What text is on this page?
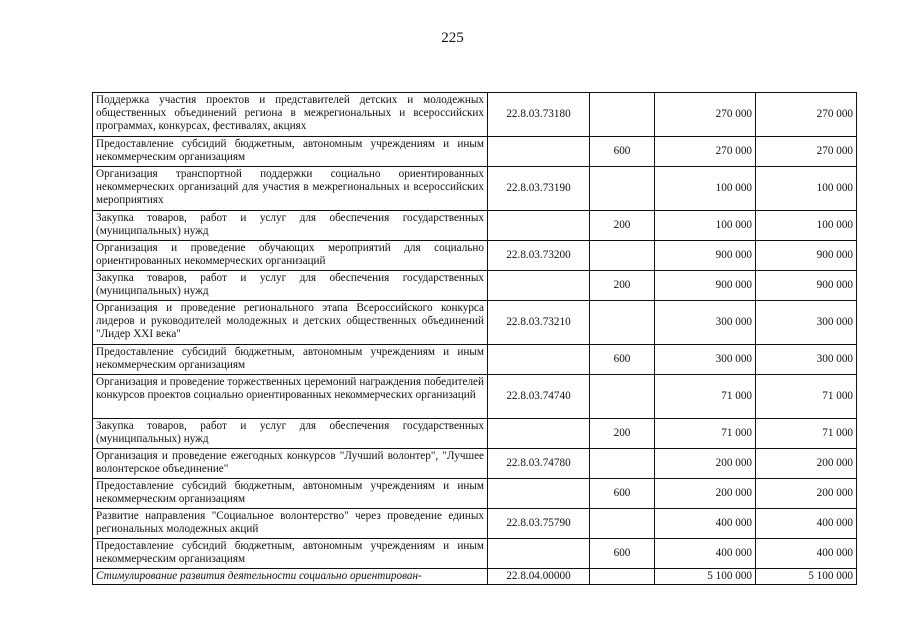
225
Поддержка участия проектов и представителей детских и молодежных общественных объединений региона в межрегиональных и всероссийских программах, конкурсах, фестивалях, акциях	22.8.03.73180		270 000	270 000
Предоставление субсидий бюджетным, автономным учреждениям и иным некоммерческим организациям		600	270 000	270 000
Организация транспортной поддержки социально ориентированных некоммерческих организаций для участия в межрегиональных и всероссийских мероприятиях	22.8.03.73190		100 000	100 000
Закупка товаров, работ и услуг для обеспечения государственных (муниципальных) нужд		200	100 000	100 000
Организация и проведение обучающих мероприятий для социально ориентированных некоммерческих организаций	22.8.03.73200		900 000	900 000
Закупка товаров, работ и услуг для обеспечения государственных (муниципальных) нужд		200	900 000	900 000
Организация и проведение регионального этапа Всероссийского конкурса лидеров и руководителей молодежных и детских общественных объединений "Лидер XXI века"	22.8.03.73210		300 000	300 000
Предоставление субсидий бюджетным, автономным учреждениям и иным некоммерческим организациям		600	300 000	300 000
Организация и проведение торжественных церемоний награждения победителей конкурсов проектов социально ориентированных некоммерческих организаций	22.8.03.74740		71 000	71 000
Закупка товаров, работ и услуг для обеспечения государственных (муниципальных) нужд		200	71 000	71 000
Организация и проведение ежегодных конкурсов "Лучший волонтер", "Лучшее волонтерское объединение"	22.8.03.74780		200 000	200 000
Предоставление субсидий бюджетным, автономным учреждениям и иным некоммерческим организациям		600	200 000	200 000
Развитие направления "Социальное волонтерство" через проведение единых региональных молодежных акций	22.8.03.75790		400 000	400 000
Предоставление субсидий бюджетным, автономным учреждениям и иным некоммерческим организациям		600	400 000	400 000
Стимулирование развития деятельности социально ориентирован-	22.8.04.00000		5 100 000	5 100 000
